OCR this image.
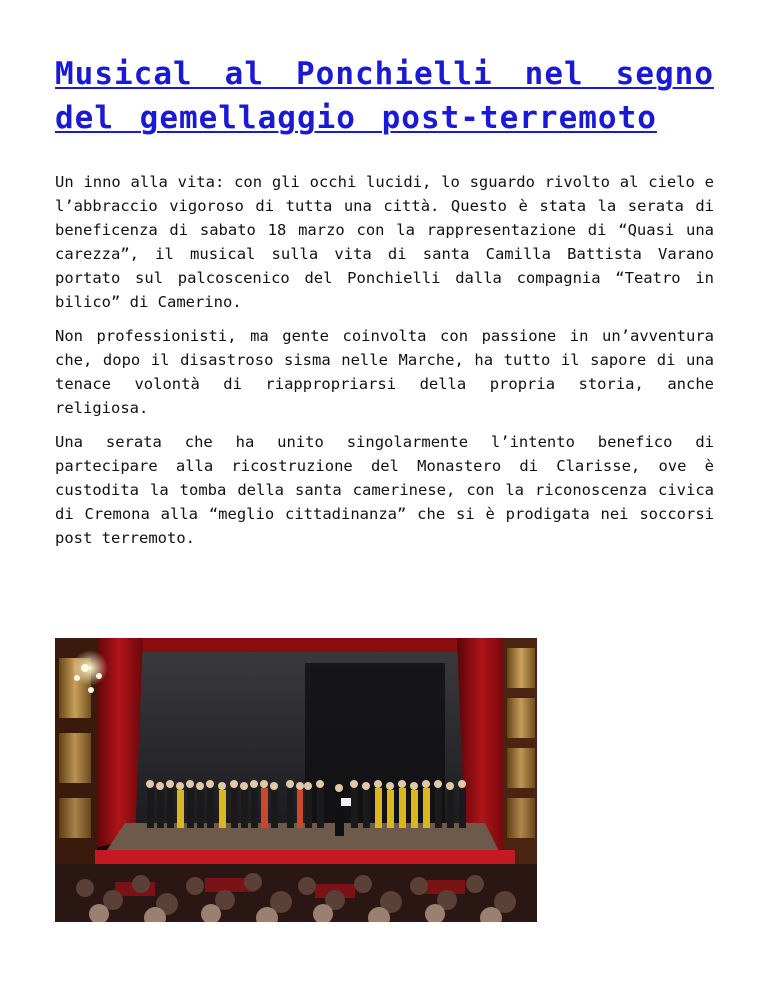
Musical al Ponchielli nel segno del gemellaggio post-terremoto

Un inno alla vita: con gli occhi lucidi, lo sguardo rivolto al cielo e l’abbraccio vigoroso di tutta una città. Questo è stata la serata di beneficenza di sabato 18 marzo con la rappresentazione di “Quasi una carezza”, il musical sulla vita di santa Camilla Battista Varano portato sul palcoscenico del Ponchielli dalla compagnia “Teatro in bilico” di Camerino.

Non professionisti, ma gente coinvolta con passione in un’avventura che, dopo il disastroso sisma nelle Marche, ha tutto il sapore di una tenace volontà di riappropriarsi della propria storia, anche religiosa.

Una serata che ha unito singolarmente l’intento benefico di partecipare alla ricostruzione del Monastero di Clarisse, ove è custodita la tomba della santa camerinese, con la riconoscenza civica di Cremona alla “meglio cittadinanza” che si è prodigata nei soccorsi post terremoto.
